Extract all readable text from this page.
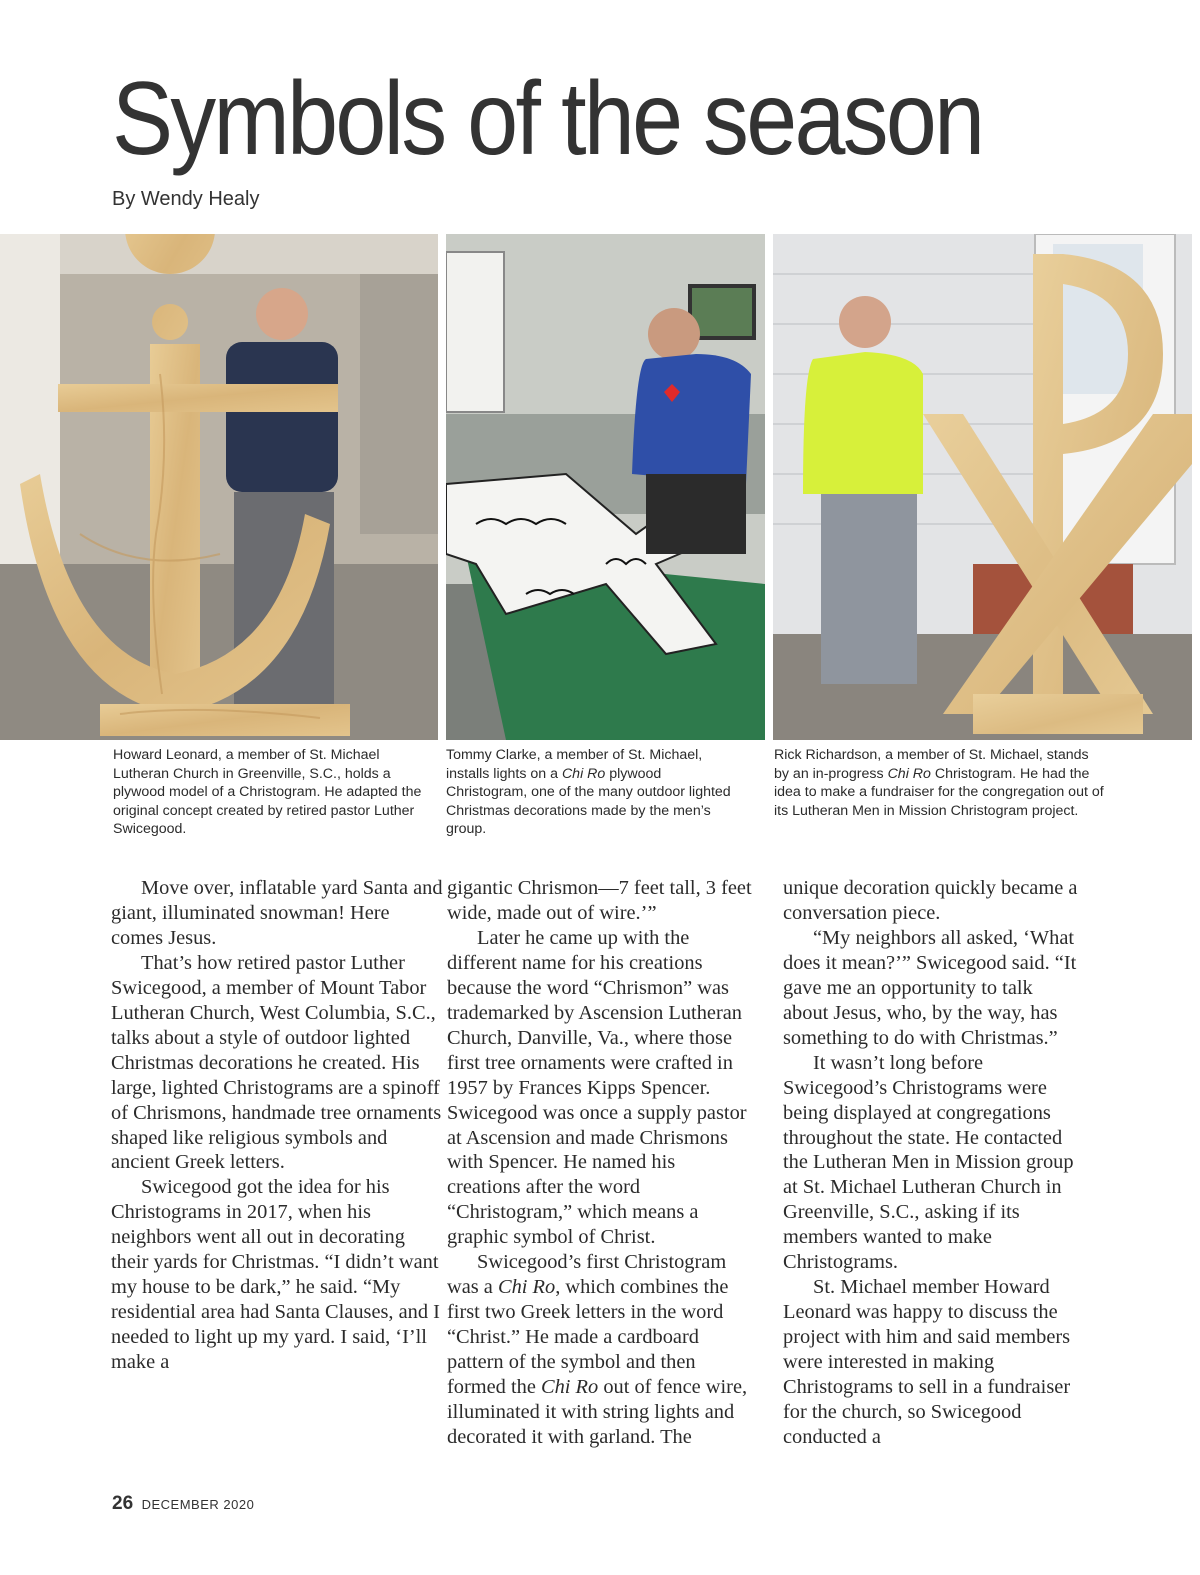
Symbols of the season
By Wendy Healy

Howard Leonard, a member of St. Michael Lutheran Church in Greenville, S.C., holds a plywood model of a Christogram. He adapted the original concept created by retired pastor Luther Swicegood.

Tommy Clarke, a member of St. Michael, installs lights on a Chi Ro plywood Christogram, one of the many outdoor lighted Christmas decorations made by the men’s group.

Rick Richardson, a member of St. Michael, stands by an in-progress Chi Ro Christogram. He had the idea to make a fundraiser for the congregation out of its Lutheran Men in Mission Christogram project.

Move over, inflatable yard Santa and giant, illuminated snowman! Here comes Jesus.

That’s how retired pastor Luther Swicegood, a member of Mount Tabor Lutheran Church, West Columbia, S.C., talks about a style of outdoor lighted Christmas decorations he created. His large, lighted Christograms are a spinoff of Chrismons, handmade tree ornaments shaped like religious symbols and ancient Greek letters.

Swicegood got the idea for his Christograms in 2017, when his neighbors went all out in decorating their yards for Christmas. “I didn’t want my house to be dark,” he said. “My residential area had Santa Clauses, and I needed to light up my yard. I said, ‘I’ll make a

gigantic Chrismon—7 feet tall, 3 feet wide, made out of wire.’”

Later he came up with the different name for his creations because the word “Chrismon” was trademarked by Ascension Lutheran Church, Danville, Va., where those first tree ornaments were crafted in 1957 by Frances Kipps Spencer. Swicegood was once a supply pastor at Ascension and made Chrismons with Spencer. He named his creations after the word “Christogram,” which means a graphic symbol of Christ.

Swicegood’s first Christogram was a Chi Ro, which combines the first two Greek letters in the word “Christ.” He made a cardboard pattern of the symbol and then formed the Chi Ro out of fence wire, illuminated it with string lights and decorated it with garland. The

unique decoration quickly became a conversation piece.

“My neighbors all asked, ‘What does it mean?’” Swicegood said. “It gave me an opportunity to talk about Jesus, who, by the way, has something to do with Christmas.”

It wasn’t long before Swicegood’s Christograms were being displayed at congregations throughout the state. He contacted the Lutheran Men in Mission group at St. Michael Lutheran Church in Greenville, S.C., asking if its members wanted to make Christograms.

St. Michael member Howard Leonard was happy to discuss the project with him and said members were interested in making Christograms to sell in a fundraiser for the church, so Swicegood conducted a

26 DECEMBER 2020
